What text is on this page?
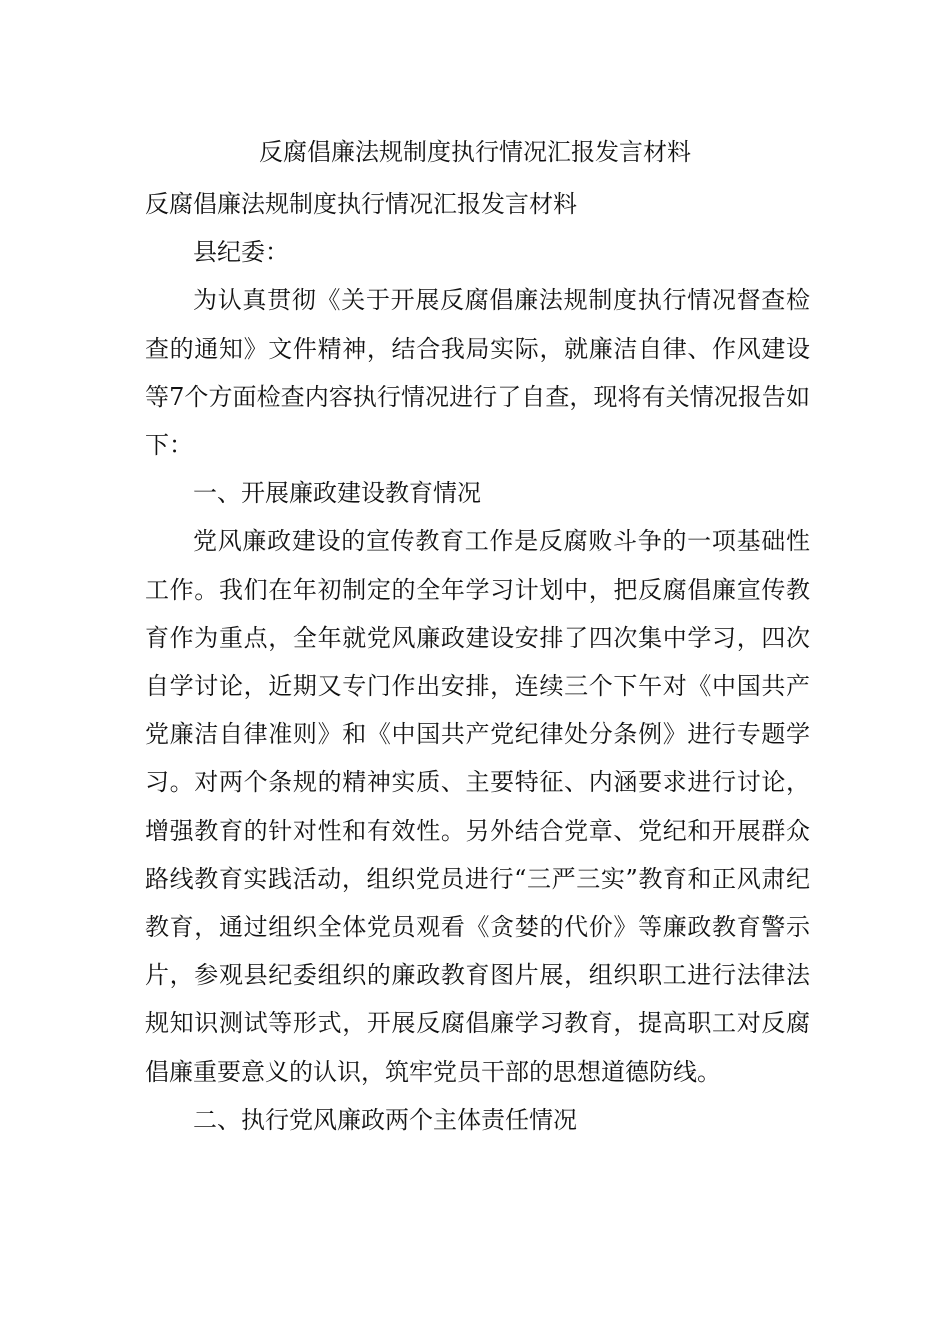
反腐倡廉法规制度执行情况汇报发言材料

反腐倡廉法规制度执行情况汇报发言材料

县纪委：

为认真贯彻《关于开展反腐倡廉法规制度执行情况督查检查的通知》文件精神，结合我局实际，就廉洁自律、作风建设等7个方面检查内容执行情况进行了自查，现将有关情况报告如下：

一、开展廉政建设教育情况

党风廉政建设的宣传教育工作是反腐败斗争的一项基础性工作。我们在年初制定的全年学习计划中，把反腐倡廉宣传教育作为重点，全年就党风廉政建设安排了四次集中学习，四次自学讨论，近期又专门作出安排，连续三个下午对《中国共产党廉洁自律准则》和《中国共产党纪律处分条例》进行专题学习。对两个条规的精神实质、主要特征、内涵要求进行讨论，增强教育的针对性和有效性。另外结合党章、党纪和开展群众路线教育实践活动，组织党员进行“三严三实”教育和正风肃纪教育，通过组织全体党员观看《贪婪的代价》等廉政教育警示片，参观县纪委组织的廉政教育图片展，组织职工进行法律法规知识测试等形式，开展反腐倡廉学习教育，提高职工对反腐倡廉重要意义的认识，筑牢党员干部的思想道德防线。

二、执行党风廉政两个主体责任情况
